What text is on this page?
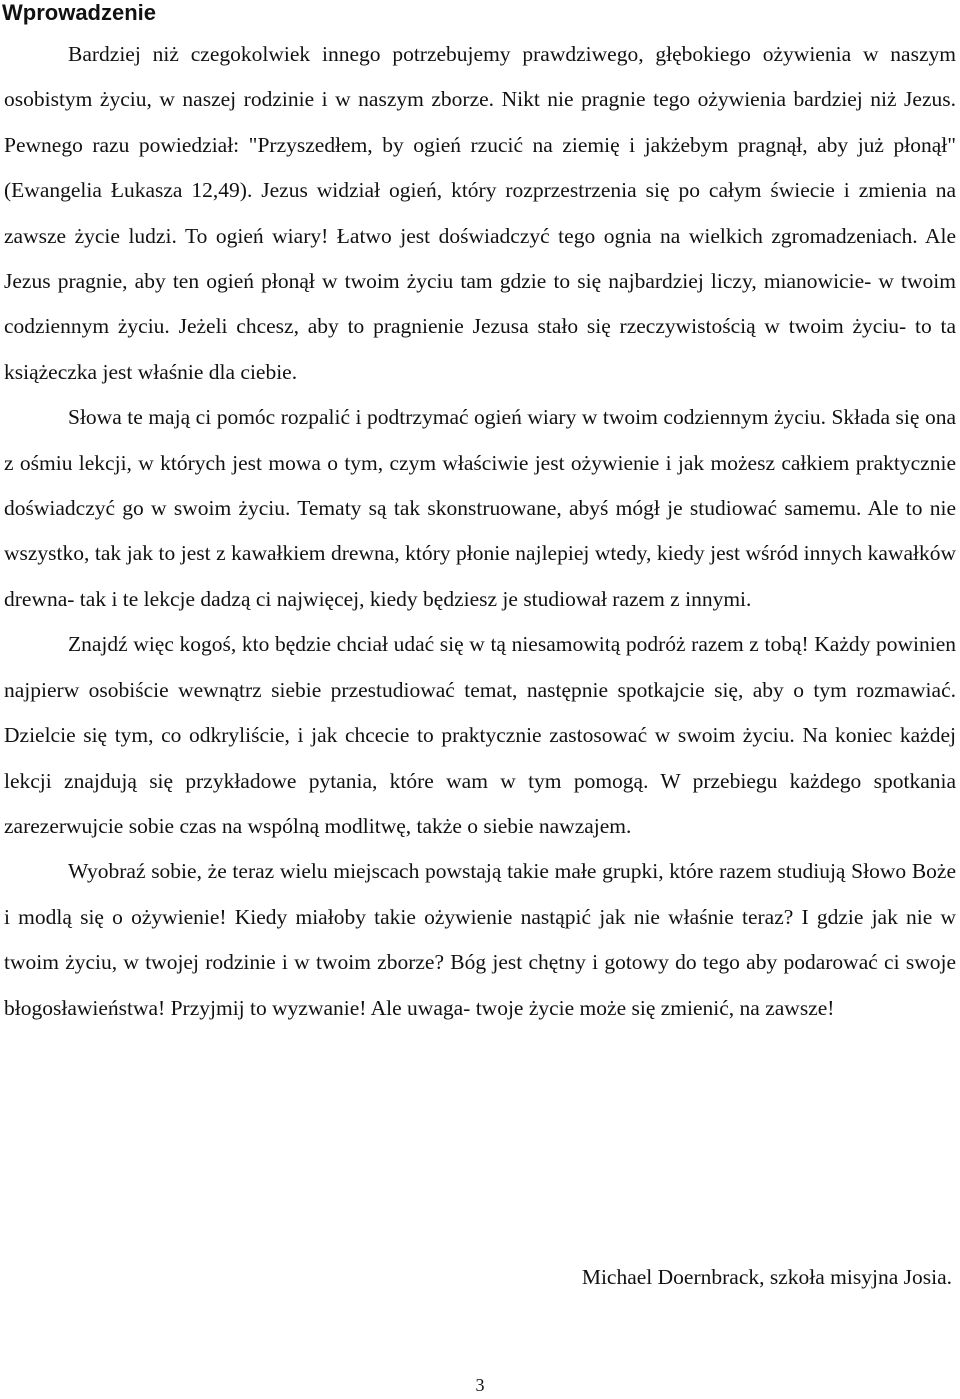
Wprowadzenie

Bardziej niż czegokolwiek innego potrzebujemy prawdziwego, głębokiego ożywienia w naszym osobistym życiu, w naszej rodzinie i w naszym zborze. Nikt nie pragnie tego ożywienia bardziej niż Jezus. Pewnego razu powiedział: "Przyszedłem, by ogień rzucić na ziemię i jakżebym pragnął, aby już płonął" (Ewangelia Łukasza 12,49). Jezus widział ogień, który rozprzestrzenia się po całym świecie i zmienia na zawsze życie ludzi. To ogień wiary! Łatwo jest doświadczyć tego ognia na wielkich zgromadzeniach. Ale Jezus pragnie, aby ten ogień płonął w twoim życiu tam gdzie to się najbardziej liczy, mianowicie- w twoim codziennym życiu. Jeżeli chcesz, aby to pragnienie Jezusa stało się rzeczywistością w twoim życiu- to ta książeczka jest właśnie dla ciebie.

Słowa te mają ci pomóc rozpalić i podtrzymać ogień wiary w twoim codziennym życiu. Składa się ona z ośmiu lekcji, w których jest mowa o tym, czym właściwie jest ożywienie i jak możesz całkiem praktycznie doświadczyć go w swoim życiu. Tematy są tak skonstruowane, abyś mógł je studiować samemu. Ale to nie wszystko, tak jak to jest z kawałkiem drewna, który płonie najlepiej wtedy, kiedy jest wśród innych kawałków drewna- tak i te lekcje dadzą ci najwięcej, kiedy będziesz je studiował razem z innymi.

Znajdź więc kogoś, kto będzie chciał udać się w tą niesamowitą podróż razem z tobą! Każdy powinien najpierw osobiście wewnątrz siebie przestudiować temat, następnie spotkajcie się, aby o tym rozmawiać. Dzielcie się tym, co odkryliście, i jak chcecie to praktycznie zastosować w swoim życiu. Na koniec każdej lekcji znajdują się przykładowe pytania, które wam w tym pomogą. W przebiegu każdego spotkania zarezerwujcie sobie czas na wspólną modlitwę, także o siebie nawzajem.

Wyobraź sobie, że teraz wielu miejscach powstają takie małe grupki, które razem studiują Słowo Boże i modlą się o ożywienie! Kiedy miałoby takie ożywienie nastąpić jak nie właśnie teraz? I gdzie jak nie w twoim życiu, w twojej rodzinie i w twoim zborze? Bóg jest chętny i gotowy do tego aby podarować ci swoje błogosławieństwa! Przyjmij to wyzwanie! Ale uwaga- twoje życie może się zmienić, na zawsze!

Michael Doernbrack, szkoła misyjna Josia.

3
